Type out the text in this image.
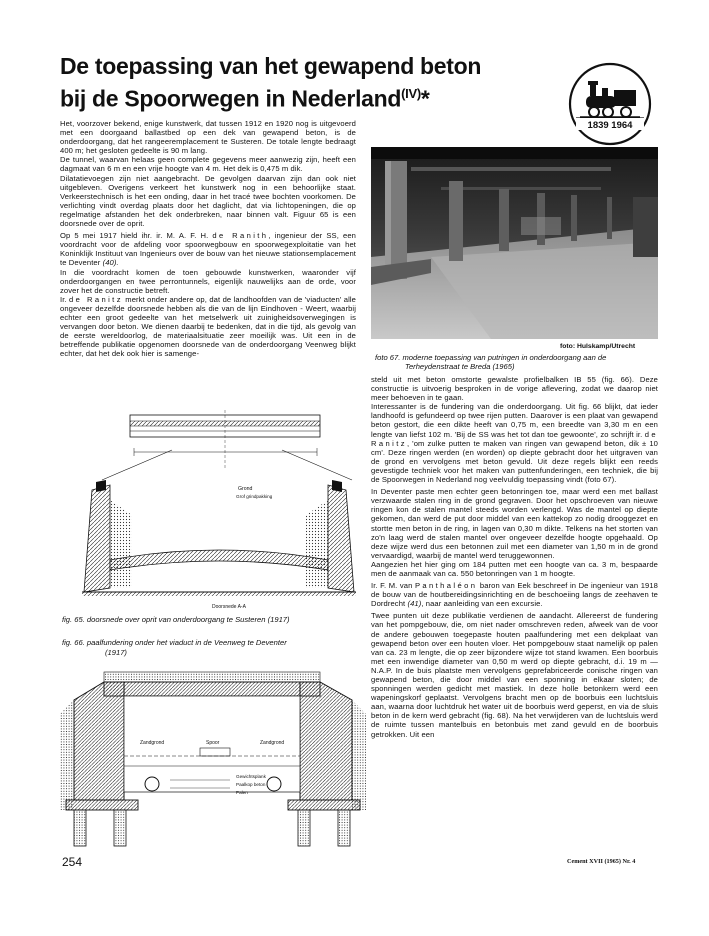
De toepassing van het gewapend beton
bij de Spoorwegen in Nederland$^{(IV)}$*
1839 1964

Het, voorzover bekend, enige kunstwerk, dat tussen 1912 en 1920 nog is uitgevoerd met een doorgaand ballastbed op een dek van gewapend beton, is de onderdoorgang, dat het rangeeremplacement te Susteren. De totale lengte bedraagt 400 m; het gesloten gedeelte is 90 m lang.
De tunnel, waarvan helaas geen complete gegevens meer aanwezig zijn, heeft een dagmaat van 6 m en een vrije hoogte van 4 m. Het dek is 0,475 m dik.
Dilatatievoegen zijn niet aangebracht. De gevolgen daarvan zijn dan ook niet uitgebleven. Overigens verkeert het kunstwerk nog in een behoorlijke staat. Verkeerstechnisch is het een onding, daar in het tracé twee bochten voorkomen. De verlichting vindt overdag plaats door het daglicht, dat via lichtopeningen, die op regelmatige afstanden het dek onderbreken, naar binnen valt. Figuur 65 is een doorsnede over de oprit.

Op 5 mei 1917 hield ihr. ir. M. A. F. H. de Ranith, ingenieur der SS, een voordracht voor de afdeling voor spoorwegbouw en spoorwegexploitatie van het Koninklijk Instituut van Ingenieurs over de bouw van het nieuwe stationsemplacement te Deventer (40).
In die voordracht komen de toen gebouwde kunstwerken, waaronder vijf onderdoorgangen en twee perrontunnels, eigenlijk nauwelijks aan de orde, voor zover het de constructie betreft.
Ir. de Ranitz merkt onder andere op, dat de landhoofden van de 'viaducten' alle ongeveer dezelfde doorsnede hebben als die van de lijn Eindhoven - Weert, waarbij echter een groot gedeelte van het metselwerk uit zuinigheidsoverwegingen is vervangen door beton. We dienen daarbij te bedenken, dat in die tijd, als gevolg van de eerste wereldoorlog, de materiaalsituatie zeer moeilijk was. Uit een in de betreffende publikatie opgenomen doorsnede van de onderdoorgang Veenweg blijkt echter, dat het dek ook hier is samenge-

foto: Hulskamp/Utrecht
foto 67. moderne toepassing van putringen in onderdoorgang aan de
Terheydenstraat te Breda (1965)

steld uit met beton omstorte gewalste profielbalken IB 55 (fig. 66). Deze constructie is uitvoerig besproken in de vorige aflevering, zodat we daarop niet meer behoeven in te gaan.
Interessanter is de fundering van die onderdoorgang. Uit fig. 66 blijkt, dat ieder landhoofd is gefundeerd op twee rijen putten. Daarover is een plaat van gewapend beton gestort, die een dikte heeft van 0,75 m, een breedte van 3,30 m en een lengte van liefst 102 m. 'Bij de SS was het tot dan toe gewoonte', zo schrijft ir. de Ranitz, 'om zulke putten te maken van ringen van gewapend beton, dik ± 10 cm'. Deze ringen werden (en worden) op diepte gebracht door het uitgraven van de grond en vervolgens met beton gevuld. Uit deze regels blijkt een reeds gevestigde techniek voor het maken van puttenfunderingen, een techniek, die bij de Spoorwegen in Nederland nog veelvuldig toepassing vindt (foto 67).

In Deventer paste men echter geen betonringen toe, maar werd een met ballast verzwaarde stalen ring in de grond gegraven. Door het opschroeven van nieuwe ringen kon de stalen mantel steeds worden verlengd. Was de mantel op diepte gekomen, dan werd de put door middel van een kattekop zo nodig drooggezet en stortte men beton in de ring, in lagen van 0,30 m dikte. Telkens na het storten van zo'n laag werd de stalen mantel over ongeveer dezelfde hoogte opgehaald. Op deze wijze werd dus een betonnen zuil met een diameter van 1,50 m in de grond vervaardigd, waarbij de mantel werd teruggewonnen.
Aangezien het hier ging om 184 putten met een hoogte van ca. 3 m, bespaarde men de aanmaak van ca. 550 betonringen van 1 m hoogte.

Ir. F. M. van Panthaléon baron van Eek beschreef in De ingenieur van 1918 de bouw van de houtbereidingsinrichting en de beschoeiing langs de zeehaven te Dordrecht (41), naar aanleiding van een excursie.

Twee punten uit deze publikatie verdienen de aandacht. Allereerst de fundering van het pompgebouw, die, om niet nader omschreven reden, afweek van de voor de andere gebouwen toegepaste houten paalfundering met een dekplaat van gewapend beton over een houten vloer. Het pompgebouw staat namelijk op palen van ca. 23 m lengte, die op zeer bijzondere wijze tot stand kwamen. Een boorbuis met een inwendige diameter van 0,50 m werd op diepte gebracht, d.i. 19 m —N.A.P. In de buis plaatste men vervolgens geprefabriceerde conische ringen van gewapend beton, die door middel van een sponning in elkaar sloten; de sponningen werden gedicht met mastiek. In deze holle betonkern werd een wapeningskorf geplaatst. Vervolgens bracht men op de boorbuis een luchtsluis aan, waarna door luchtdruk het water uit de boorbuis werd geperst, en via de sluis beton in de kern werd gebracht (fig. 68). Na het verwijderen van de luchtsluis werd de ruimte tussen mantelbuis en betonbuis met zand gevuld en de boorbuis getrokken. Uit een

Grond
Grof grindpakking
Doorsnede A-A
fig. 65. doorsnede over oprit van onderdoorgang te Susteren (1917)
fig. 66. paalfundering onder het viaduct in de Veenweg te Deventer
(1917)
Zandgrond	Spoor	Zandgrond
Gewichtsplank
Paalkop beton
Palen
254	Cement XVII (1965) Nr. 4
